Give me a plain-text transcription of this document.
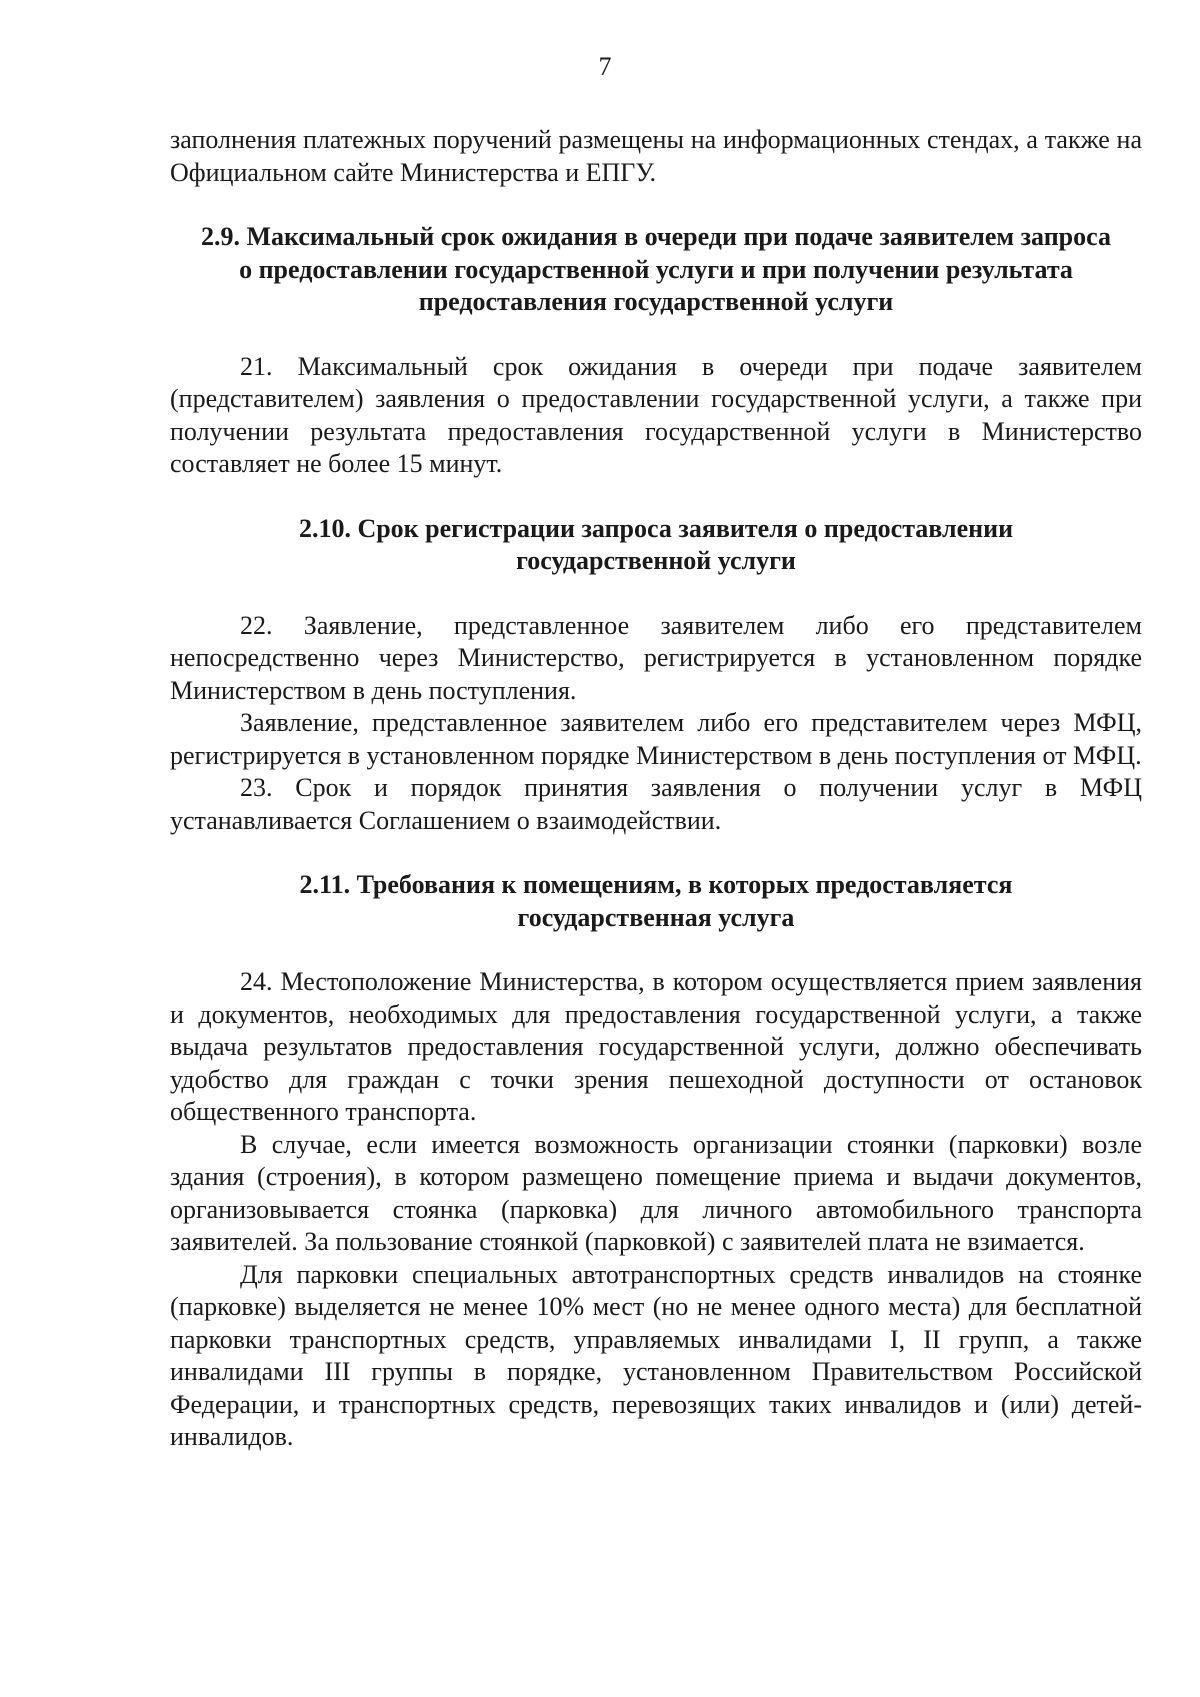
7

заполнения платежных поручений размещены на информационных стендах, а также на Официальном сайте Министерства и ЕПГУ.

2.9. Максимальный срок ожидания в очереди при подаче заявителем запроса о предоставлении государственной услуги и при получении результата предоставления государственной услуги

21. Максимальный срок ожидания в очереди при подаче заявителем (представителем) заявления о предоставлении государственной услуги, а также при получении результата предоставления государственной услуги в Министерство составляет не более 15 минут.

2.10. Срок регистрации запроса заявителя о предоставлении государственной услуги

22. Заявление, представленное заявителем либо его представителем непосредственно через Министерство, регистрируется в установленном порядке Министерством в день поступления.

Заявление, представленное заявителем либо его представителем через МФЦ, регистрируется в установленном порядке Министерством в день поступления от МФЦ.

23. Срок и порядок принятия заявления о получении услуг в МФЦ устанавливается Соглашением о взаимодействии.

2.11. Требования к помещениям, в которых предоставляется государственная услуга

24. Местоположение Министерства, в котором осуществляется прием заявления и документов, необходимых для предоставления государственной услуги, а также выдача результатов предоставления государственной услуги, должно обеспечивать удобство для граждан с точки зрения пешеходной доступности от остановок общественного транспорта.

В случае, если имеется возможность организации стоянки (парковки) возле здания (строения), в котором размещено помещение приема и выдачи документов, организовывается стоянка (парковка) для личного автомобильного транспорта заявителей. За пользование стоянкой (парковкой) с заявителей плата не взимается.

Для парковки специальных автотранспортных средств инвалидов на стоянке (парковке) выделяется не менее 10% мест (но не менее одного места) для бесплатной парковки транспортных средств, управляемых инвалидами I, II групп, а также инвалидами III группы в порядке, установленном Правительством Российской Федерации, и транспортных средств, перевозящих таких инвалидов и (или) детей-инвалидов.
